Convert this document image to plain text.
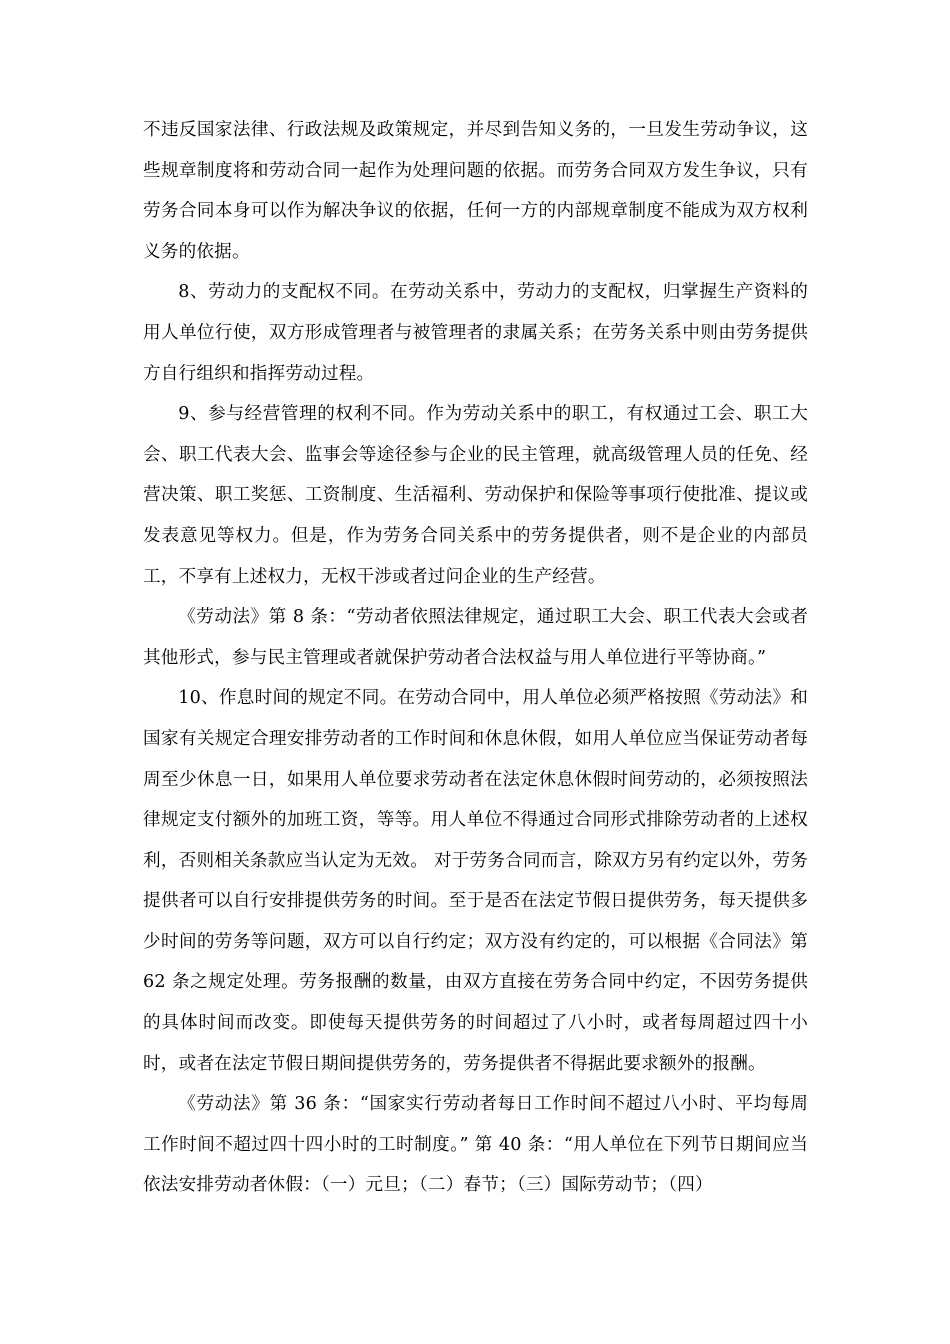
不违反国家法律、行政法规及政策规定，并尽到告知义务的，一旦发生劳动争议，这些规章制度将和劳动合同一起作为处理问题的依据。而劳务合同双方发生争议，只有劳务合同本身可以作为解决争议的依据，任何一方的内部规章制度不能成为双方权利义务的依据。

8、劳动力的支配权不同。在劳动关系中，劳动力的支配权，归掌握生产资料的用人单位行使，双方形成管理者与被管理者的隶属关系；在劳务关系中则由劳务提供方自行组织和指挥劳动过程。

9、参与经营管理的权利不同。作为劳动关系中的职工，有权通过工会、职工大会、职工代表大会、监事会等途径参与企业的民主管理，就高级管理人员的任免、经营决策、职工奖惩、工资制度、生活福利、劳动保护和保险等事项行使批准、提议或发表意见等权力。但是，作为劳务合同关系中的劳务提供者，则不是企业的内部员工，不享有上述权力，无权干涉或者过问企业的生产经营。

《劳动法》第 8 条：“劳动者依照法律规定，通过职工大会、职工代表大会或者其他形式，参与民主管理或者就保护劳动者合法权益与用人单位进行平等协商。”

10、作息时间的规定不同。在劳动合同中，用人单位必须严格按照《劳动法》和国家有关规定合理安排劳动者的工作时间和休息休假，如用人单位应当保证劳动者每周至少休息一日，如果用人单位要求劳动者在法定休息休假时间劳动的，必须按照法律规定支付额外的加班工资，等等。用人单位不得通过合同形式排除劳动者的上述权利，否则相关条款应当认定为无效。 对于劳务合同而言，除双方另有约定以外，劳务提供者可以自行安排提供劳务的时间。至于是否在法定节假日提供劳务，每天提供多少时间的劳务等问题，双方可以自行约定；双方没有约定的，可以根据《合同法》第 62 条之规定处理。劳务报酬的数量，由双方直接在劳务合同中约定，不因劳务提供的具体时间而改变。即使每天提供劳务的时间超过了八小时，或者每周超过四十小时，或者在法定节假日期间提供劳务的，劳务提供者不得据此要求额外的报酬。

《劳动法》第 36 条：“国家实行劳动者每日工作时间不超过八小时、平均每周工作时间不超过四十四小时的工时制度。” 第 40 条：“用人单位在下列节日期间应当依法安排劳动者休假：（一）元旦；（二）春节；（三）国际劳动节；（四）
